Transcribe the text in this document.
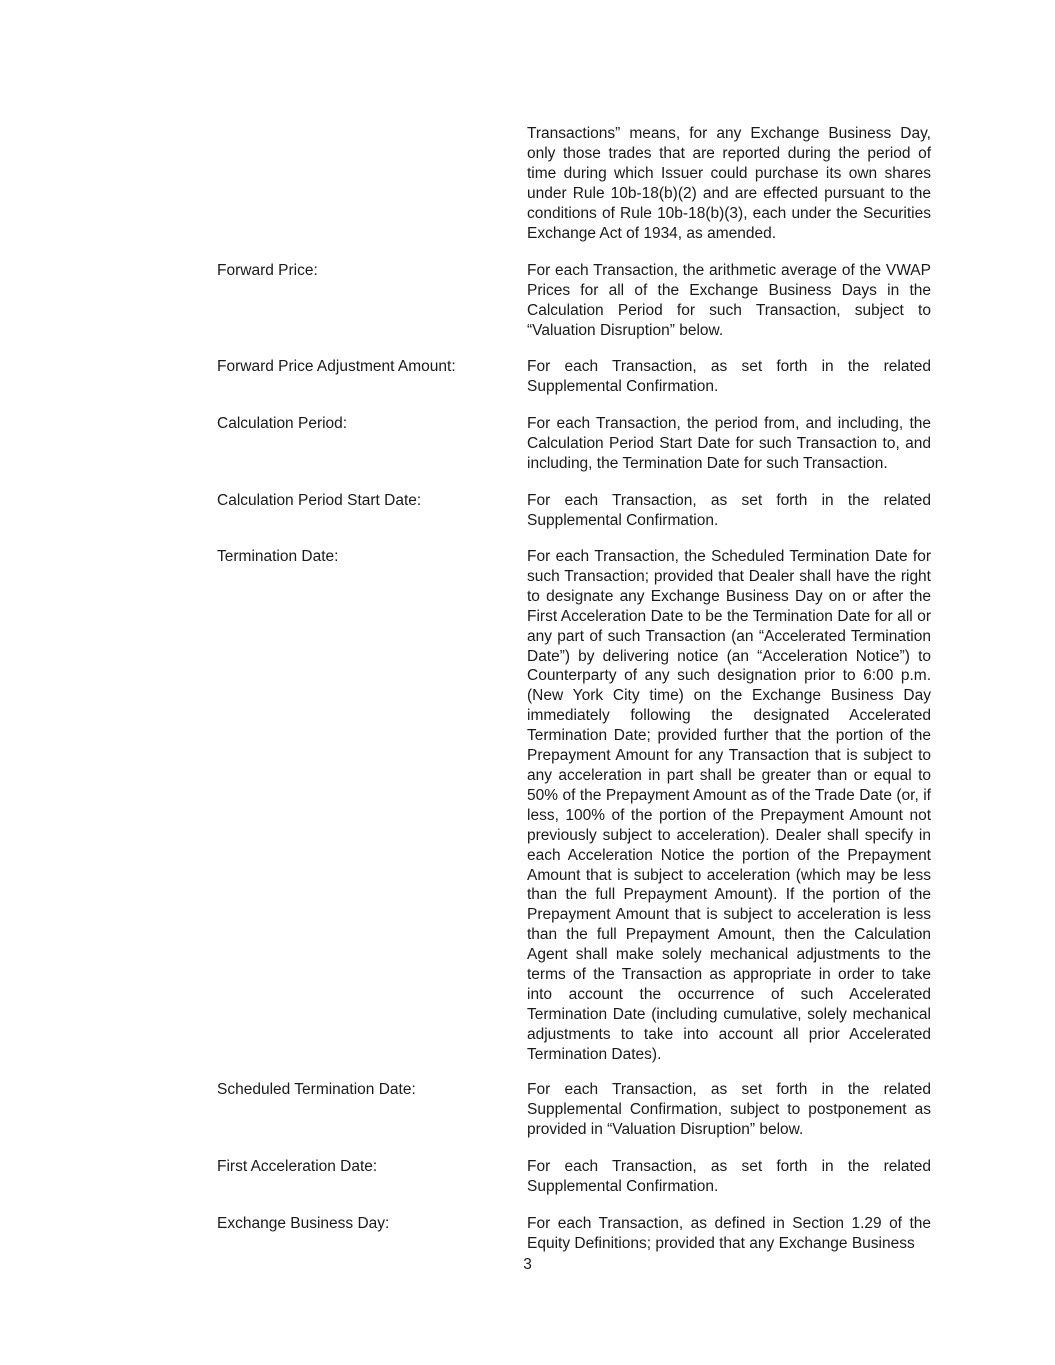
Transactions” means, for any Exchange Business Day, only those trades that are reported during the period of time during which Issuer could purchase its own shares under Rule 10b-18(b)(2) and are effected pursuant to the conditions of Rule 10b-18(b)(3), each under the Securities Exchange Act of 1934, as amended.

Forward Price:	For each Transaction, the arithmetic average of the VWAP Prices for all of the Exchange Business Days in the Calculation Period for such Transaction, subject to “Valuation Disruption” below.

Forward Price Adjustment Amount:	For each Transaction, as set forth in the related Supplemental Confirmation.

Calculation Period:	For each Transaction, the period from, and including, the Calculation Period Start Date for such Transaction to, and including, the Termination Date for such Transaction.

Calculation Period Start Date:	For each Transaction, as set forth in the related Supplemental Confirmation.

Termination Date:	For each Transaction, the Scheduled Termination Date for such Transaction; provided that Dealer shall have the right to designate any Exchange Business Day on or after the First Acceleration Date to be the Termination Date for all or any part of such Transaction (an “Accelerated Termination Date”) by delivering notice (an “Acceleration Notice”) to Counterparty of any such designation prior to 6:00 p.m. (New York City time) on the Exchange Business Day immediately following the designated Accelerated Termination Date; provided further that the portion of the Prepayment Amount for any Transaction that is subject to any acceleration in part shall be greater than or equal to 50% of the Prepayment Amount as of the Trade Date (or, if less, 100% of the portion of the Prepayment Amount not previously subject to acceleration). Dealer shall specify in each Acceleration Notice the portion of the Prepayment Amount that is subject to acceleration (which may be less than the full Prepayment Amount). If the portion of the Prepayment Amount that is subject to acceleration is less than the full Prepayment Amount, then the Calculation Agent shall make solely mechanical adjustments to the terms of the Transaction as appropriate in order to take into account the occurrence of such Accelerated Termination Date (including cumulative, solely mechanical adjustments to take into account all prior Accelerated Termination Dates).

Scheduled Termination Date:	For each Transaction, as set forth in the related Supplemental Confirmation, subject to postponement as provided in “Valuation Disruption” below.

First Acceleration Date:	For each Transaction, as set forth in the related Supplemental Confirmation.

Exchange Business Day:	For each Transaction, as defined in Section 1.29 of the Equity Definitions; provided that any Exchange Business

3
